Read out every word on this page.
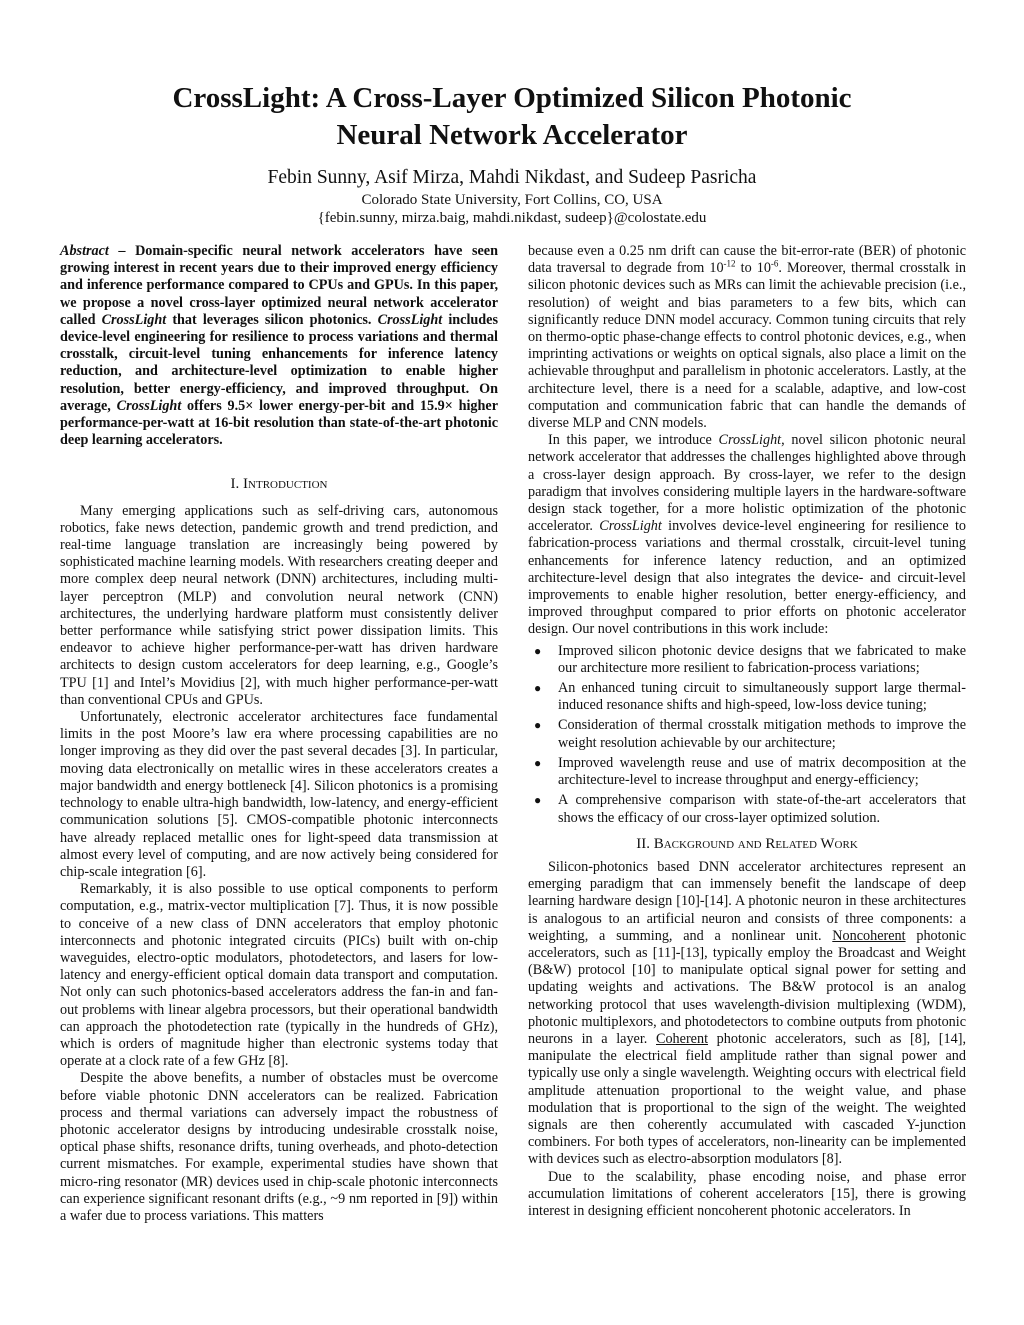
CrossLight: A Cross-Layer Optimized Silicon Photonic
Neural Network Accelerator
Febin Sunny, Asif Mirza, Mahdi Nikdast, and Sudeep Pasricha
Colorado State University, Fort Collins, CO, USA
{febin.sunny, mirza.baig, mahdi.nikdast, sudeep}@colostate.edu

Abstract – Domain-specific neural network accelerators have seen growing interest in recent years due to their improved energy efficiency and inference performance compared to CPUs and GPUs. In this paper, we propose a novel cross-layer optimized neural network accelerator called CrossLight that leverages silicon photonics. CrossLight includes device-level engineering for resilience to process variations and thermal crosstalk, circuit-level tuning enhancements for inference latency reduction, and architecture-level optimization to enable higher resolution, better energy-efficiency, and improved throughput. On average, CrossLight offers 9.5× lower energy-per-bit and 15.9× higher performance-per-watt at 16-bit resolution than state-of-the-art photonic deep learning accelerators.

I. Introduction

Many emerging applications such as self-driving cars, autonomous robotics, fake news detection, pandemic growth and trend prediction, and real-time language translation are increasingly being powered by sophisticated machine learning models. With researchers creating deeper and more complex deep neural network (DNN) architectures, including multi-layer perceptron (MLP) and convolution neural network (CNN) architectures, the underlying hardware platform must consistently deliver better performance while satisfying strict power dissipation limits. This endeavor to achieve higher performance-per-watt has driven hardware architects to design custom accelerators for deep learning, e.g., Google’s TPU [1] and Intel’s Movidius [2], with much higher performance-per-watt than conventional CPUs and GPUs.

Unfortunately, electronic accelerator architectures face fundamental limits in the post Moore’s law era where processing capabilities are no longer improving as they did over the past several decades [3]. In particular, moving data electronically on metallic wires in these accelerators creates a major bandwidth and energy bottleneck [4]. Silicon photonics is a promising technology to enable ultra-high bandwidth, low-latency, and energy-efficient communication solutions [5]. CMOS-compatible photonic interconnects have already replaced metallic ones for light-speed data transmission at almost every level of computing, and are now actively being considered for chip-scale integration [6].

Remarkably, it is also possible to use optical components to perform computation, e.g., matrix-vector multiplication [7]. Thus, it is now possible to conceive of a new class of DNN accelerators that employ photonic interconnects and photonic integrated circuits (PICs) built with on-chip waveguides, electro-optic modulators, photodetectors, and lasers for low-latency and energy-efficient optical domain data transport and computation. Not only can such photonics-based accelerators address the fan-in and fan-out problems with linear algebra processors, but their operational bandwidth can approach the photodetection rate (typically in the hundreds of GHz), which is orders of magnitude higher than electronic systems today that operate at a clock rate of a few GHz [8].

Despite the above benefits, a number of obstacles must be overcome before viable photonic DNN accelerators can be realized. Fabrication process and thermal variations can adversely impact the robustness of photonic accelerator designs by introducing undesirable crosstalk noise, optical phase shifts, resonance drifts, tuning overheads, and photo-detection current mismatches. For example, experimental studies have shown that micro-ring resonator (MR) devices used in chip-scale photonic interconnects can experience significant resonant drifts (e.g., ~9 nm reported in [9]) within a wafer due to process variations. This matters

because even a 0.25 nm drift can cause the bit-error-rate (BER) of photonic data traversal to degrade from $10^{-12}$ to $10^{-6}$. Moreover, thermal crosstalk in silicon photonic devices such as MRs can limit the achievable precision (i.e., resolution) of weight and bias parameters to a few bits, which can significantly reduce DNN model accuracy. Common tuning circuits that rely on thermo-optic phase-change effects to control photonic devices, e.g., when imprinting activations or weights on optical signals, also place a limit on the achievable throughput and parallelism in photonic accelerators. Lastly, at the architecture level, there is a need for a scalable, adaptive, and low-cost computation and communication fabric that can handle the demands of diverse MLP and CNN models.

In this paper, we introduce CrossLight, novel silicon photonic neural network accelerator that addresses the challenges highlighted above through a cross-layer design approach. By cross-layer, we refer to the design paradigm that involves considering multiple layers in the hardware-software design stack together, for a more holistic optimization of the photonic accelerator. CrossLight involves device-level engineering for resilience to fabrication-process variations and thermal crosstalk, circuit-level tuning enhancements for inference latency reduction, and an optimized architecture-level design that also integrates the device- and circuit-level improvements to enable higher resolution, better energy-efficiency, and improved throughput compared to prior efforts on photonic accelerator design. Our novel contributions in this work include:

● Improved silicon photonic device designs that we fabricated to make our architecture more resilient to fabrication-process variations;
● An enhanced tuning circuit to simultaneously support large thermal-induced resonance shifts and high-speed, low-loss device tuning;
● Consideration of thermal crosstalk mitigation methods to improve the weight resolution achievable by our architecture;
● Improved wavelength reuse and use of matrix decomposition at the architecture-level to increase throughput and energy-efficiency;
● A comprehensive comparison with state-of-the-art accelerators that shows the efficacy of our cross-layer optimized solution.
II. Background and Related Work

Silicon-photonics based DNN accelerator architectures represent an emerging paradigm that can immensely benefit the landscape of deep learning hardware design [10]-[14]. A photonic neuron in these architectures is analogous to an artificial neuron and consists of three components: a weighting, a summing, and a nonlinear unit. Noncoherent photonic accelerators, such as [11]-[13], typically employ the Broadcast and Weight (B&W) protocol [10] to manipulate optical signal power for setting and updating weights and activations. The B&W protocol is an analog networking protocol that uses wavelength-division multiplexing (WDM), photonic multiplexors, and photodetectors to combine outputs from photonic neurons in a layer. Coherent photonic accelerators, such as [8], [14], manipulate the electrical field amplitude rather than signal power and typically use only a single wavelength. Weighting occurs with electrical field amplitude attenuation proportional to the weight value, and phase modulation that is proportional to the sign of the weight. The weighted signals are then coherently accumulated with cascaded Y-junction combiners. For both types of accelerators, non-linearity can be implemented with devices such as electro-absorption modulators [8].

Due to the scalability, phase encoding noise, and phase error accumulation limitations of coherent accelerators [15], there is growing interest in designing efficient noncoherent photonic accelerators. In
